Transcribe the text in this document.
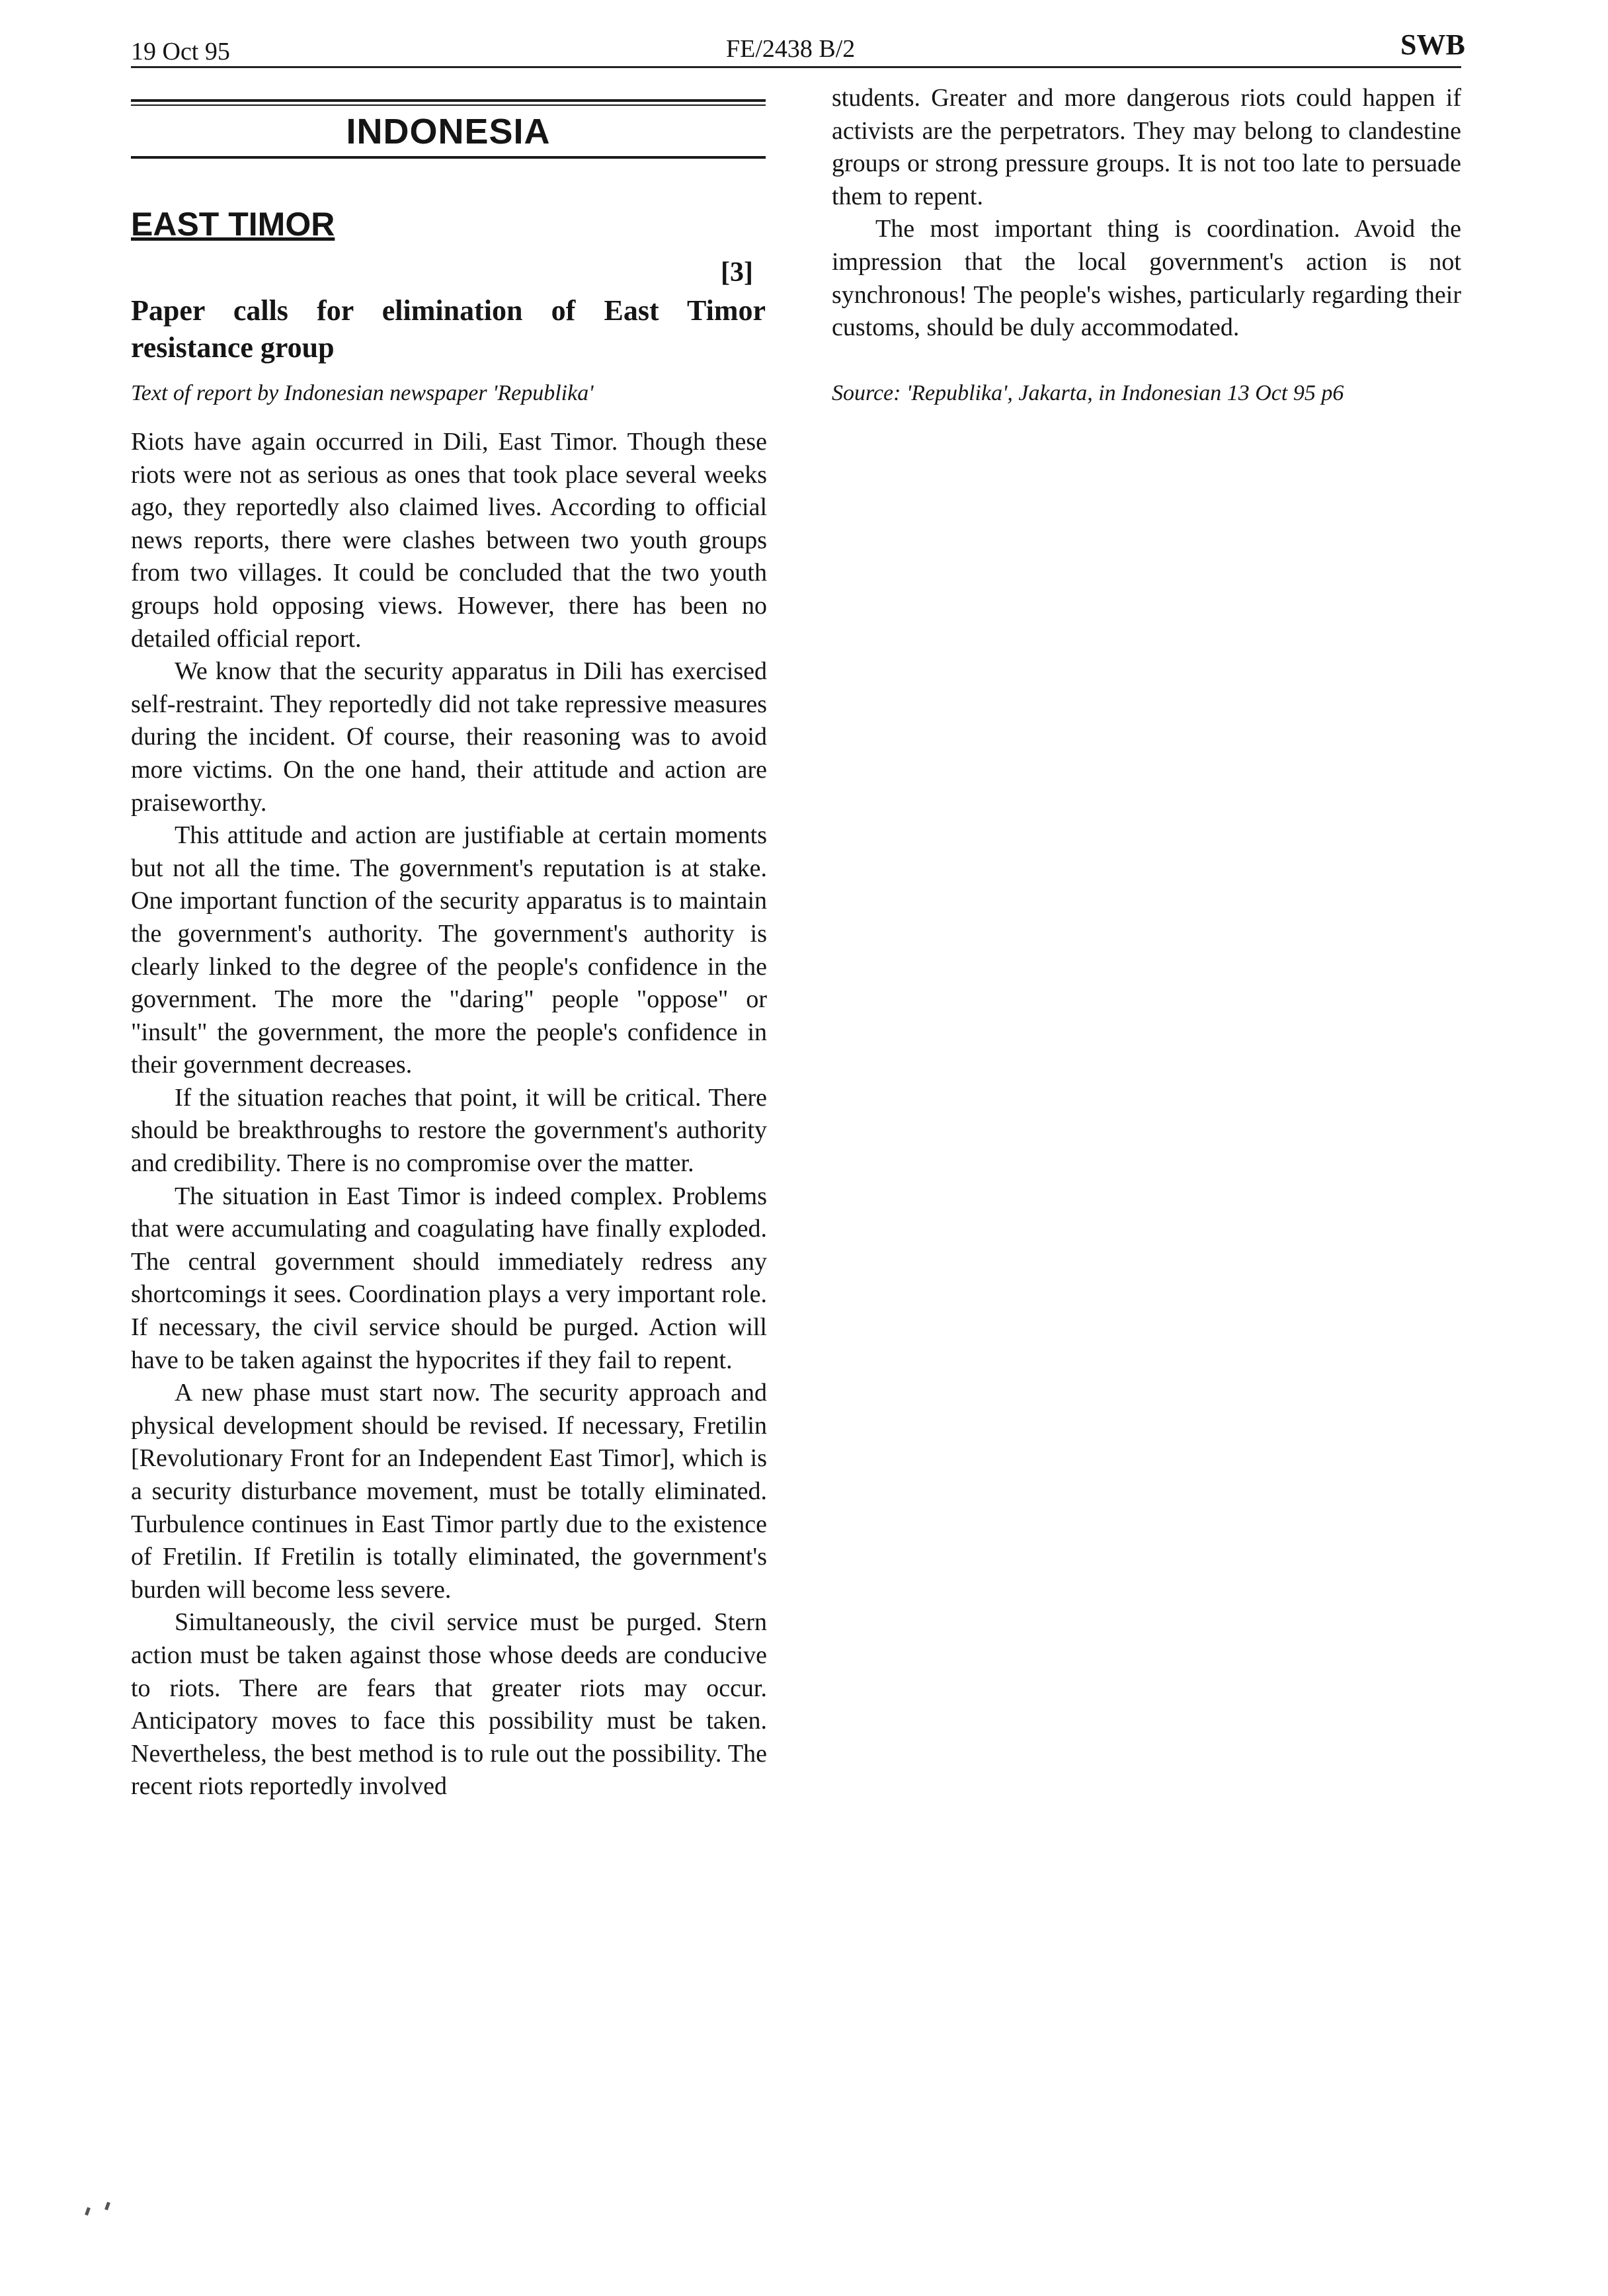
19 Oct 95	FE/2438 B/2	SWB
INDONESIA
EAST TIMOR
[3]
Paper calls for elimination of East Timor resistance group
Text of report by Indonesian newspaper 'Republika'

Riots have again occurred in Dili, East Timor. Though these riots were not as serious as ones that took place several weeks ago, they reportedly also claimed lives. According to official news reports, there were clashes between two youth groups from two villages. It could be concluded that the two youth groups hold opposing views. However, there has been no detailed official report.

We know that the security apparatus in Dili has exercised self-restraint. They reportedly did not take repressive measures during the incident. Of course, their reasoning was to avoid more victims. On the one hand, their attitude and action are praiseworthy.

This attitude and action are justifiable at certain moments but not all the time. The government's reputation is at stake. One important function of the security apparatus is to maintain the government's authority. The government's authority is clearly linked to the degree of the people's confidence in the government. The more the "daring" people "oppose" or "insult" the government, the more the people's confidence in their government decreases.

If the situation reaches that point, it will be critical. There should be breakthroughs to restore the government's authority and credibility. There is no compromise over the matter.

The situation in East Timor is indeed complex. Problems that were accumulating and coagulating have finally exploded. The central government should immediately redress any shortcomings it sees. Coordination plays a very important role. If necessary, the civil service should be purged. Action will have to be taken against the hypocrites if they fail to repent.

A new phase must start now. The security approach and physical development should be revised. If necessary, Fretilin [Revolutionary Front for an Independent East Timor], which is a security disturbance movement, must be totally eliminated. Turbulence continues in East Timor partly due to the existence of Fretilin. If Fretilin is totally eliminated, the government's burden will become less severe.

Simultaneously, the civil service must be purged. Stern action must be taken against those whose deeds are conducive to riots. There are fears that greater riots may occur. Anticipatory moves to face this possibility must be taken. Nevertheless, the best method is to rule out the possibility. The recent riots reportedly involved

students. Greater and more dangerous riots could happen if activists are the perpetrators. They may belong to clandestine groups or strong pressure groups. It is not too late to persuade them to repent.

The most important thing is coordination. Avoid the impression that the local government's action is not synchronous! The people's wishes, particularly regarding their customs, should be duly accommodated.

Source: 'Republika', Jakarta, in Indonesian 13 Oct 95 p6
